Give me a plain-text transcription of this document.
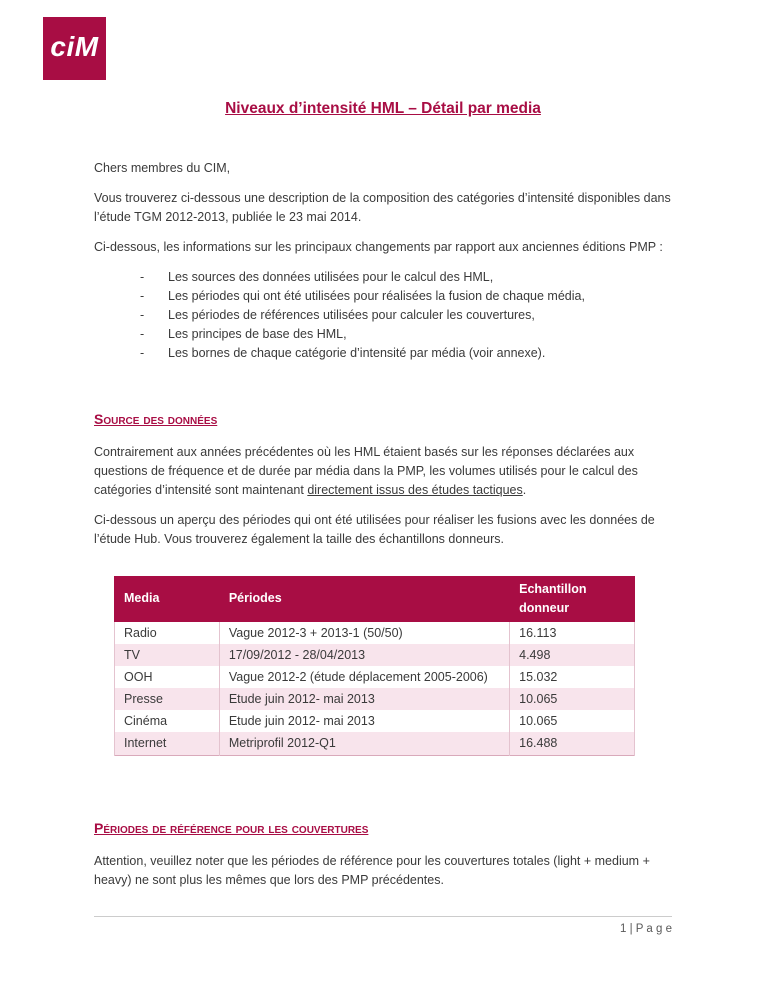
ciM
Niveaux d’intensité HML – Détail par media

Chers membres du CIM,

Vous trouverez ci-dessous une description de la composition des catégories d’intensité disponibles dans l’étude TGM 2012-2013, publiée le 23 mai 2014.

Ci-dessous, les informations sur les principaux changements par rapport aux anciennes éditions PMP :

-	Les sources des données utilisées pour le calcul des HML,
-	Les périodes qui ont été utilisées pour réalisées la fusion de chaque média,
-	Les périodes de références utilisées pour calculer les couvertures,
-	Les principes de base des HML,
-	Les bornes de chaque catégorie d’intensité par média (voir annexe).
Source des données

Contrairement aux années précédentes où les HML étaient basés sur les réponses déclarées aux questions de fréquence et de durée par média dans la PMP, les volumes utilisés pour le calcul des catégories d’intensité sont maintenant directement issus des études tactiques.

Ci-dessous un aperçu des périodes qui ont été utilisées pour réaliser les fusions avec les données de l’étude Hub. Vous trouverez également la taille des échantillons donneurs.

Media	Périodes	Echantillon donneur
Radio	Vague 2012-3 + 2013-1 (50/50)	16.113
TV	17/09/2012 - 28/04/2013	4.498
OOH	Vague 2012-2 (étude déplacement 2005-2006)	15.032
Presse	Etude juin 2012- mai 2013	10.065
Cinéma	Etude juin 2012- mai 2013	10.065
Internet	Metriprofil 2012-Q1	16.488
Périodes de référence pour les couvertures

Attention, veuillez noter que les périodes de référence pour les couvertures totales (light + medium + heavy) ne sont plus les mêmes que lors des PMP précédentes.

1 | P a g e
